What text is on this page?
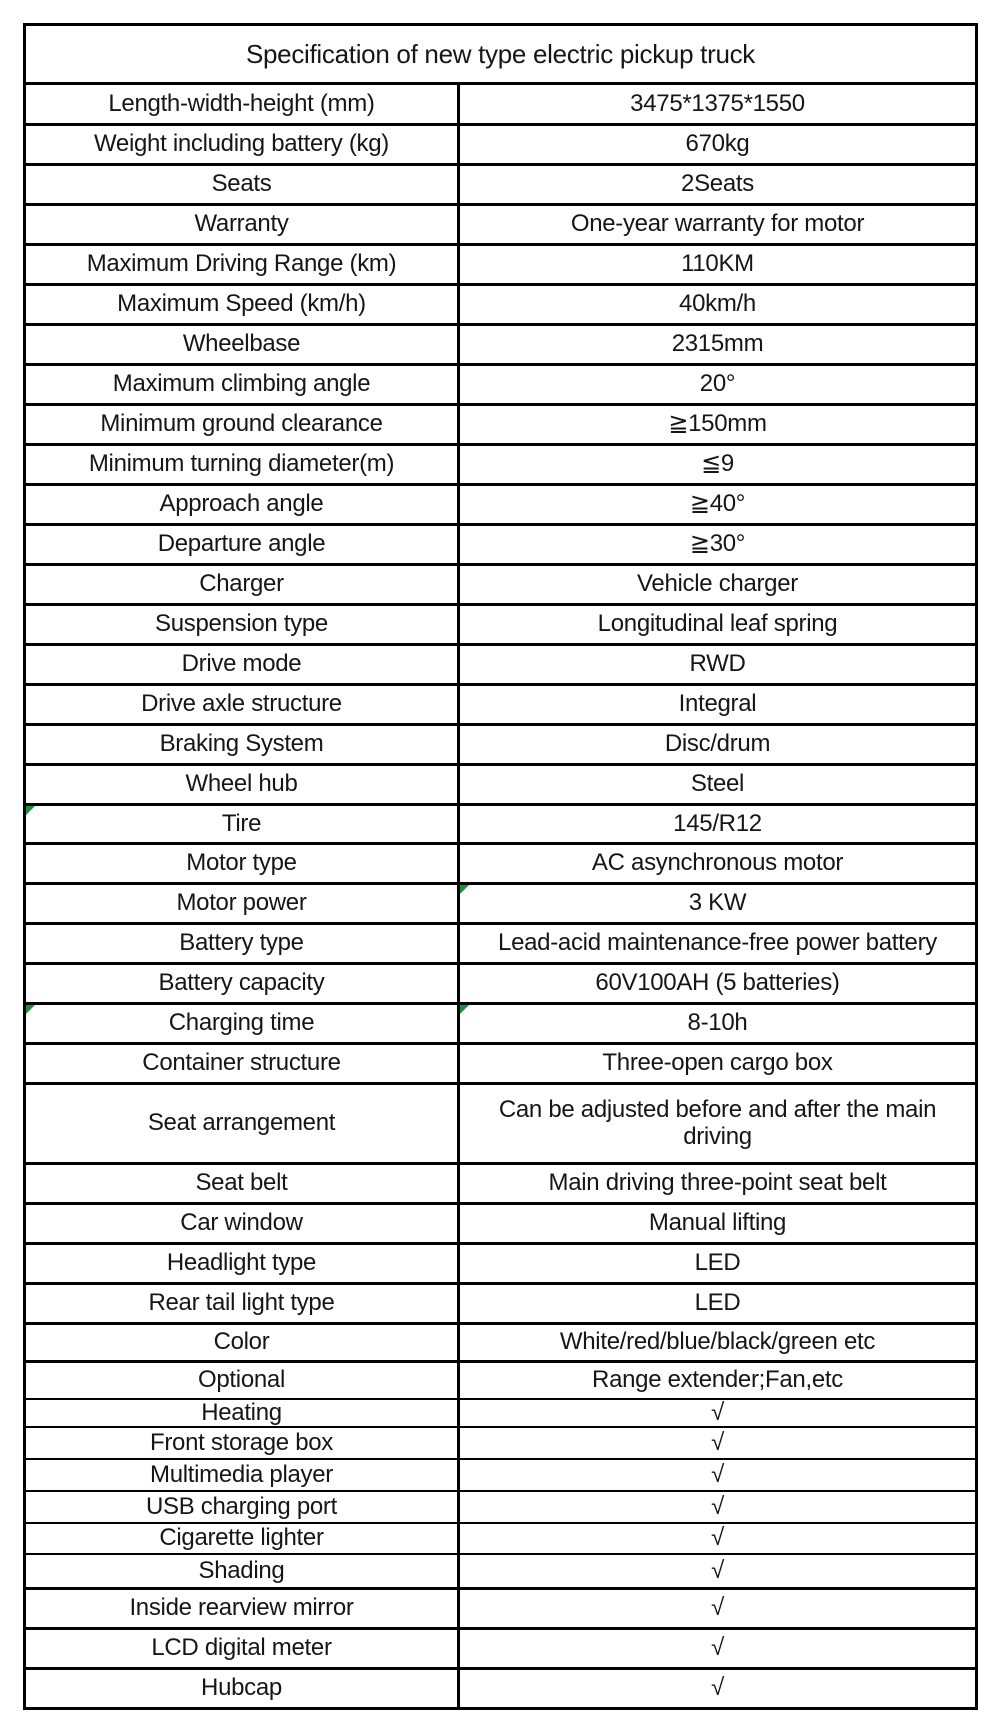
Specification of new type electric pickup truck
Length-width-height (mm)	3475*1375*1550
Weight including battery (kg)	670kg
Seats	2Seats
Warranty	One-year warranty for motor
Maximum Driving Range (km)	110KM
Maximum Speed (km/h)	40km/h
Wheelbase	2315mm
Maximum climbing angle	20°
Minimum ground clearance	≧150mm
Minimum turning diameter(m)	≦9
Approach angle	≧40°
Departure angle	≧30°
Charger	Vehicle charger
Suspension type	Longitudinal leaf spring
Drive mode	RWD
Drive axle structure	Integral
Braking System	Disc/drum
Wheel hub	Steel
Tire	145/R12
Motor type	AC asynchronous motor
Motor power	3 KW
Battery type	Lead-acid maintenance-free power battery
Battery capacity	60V100AH (5 batteries)
Charging time	8-10h
Container structure	Three-open cargo box
Seat arrangement	Can be adjusted before and after the main driving
Seat belt	Main driving three-point seat belt
Car window	Manual lifting
Headlight type	LED
Rear tail light type	LED
Color	White/red/blue/black/green etc
Optional	Range extender;Fan,etc
Heating	√
Front storage box	√
Multimedia player	√
USB charging port	√
Cigarette lighter	√
Shading	√
Inside rearview mirror	√
LCD digital meter	√
Hubcap	√
